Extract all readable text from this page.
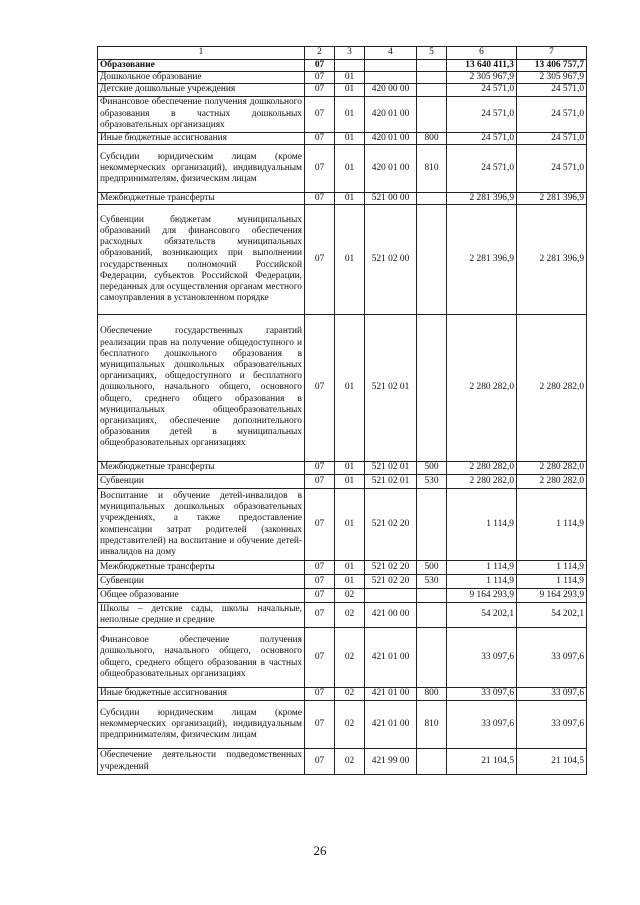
1	2	3	4	5	6	7
Образование	07				13 640 411,3	13 406 757,7
Дошкольное образование	07	01			2 305 967,9	2 305 967,9
Детские дошкольные учреждения	07	01	420 00 00		24 571,0	24 571,0
Финансовое обеспечение получения дошкольного образования в частных дошкольных образовательных организациях	07	01	420 01 00		24 571,0	24 571,0
Иные бюджетные ассигнования	07	01	420 01 00	800	24 571,0	24 571,0
Субсидии юридическим лицам (кроме некоммерческих организаций), индивидуальным предпринимателям, физическим лицам	07	01	420 01 00	810	24 571,0	24 571,0
Межбюджетные трансферты	07	01	521 00 00		2 281 396,9	2 281 396,9
Субвенции бюджетам муниципальных образований для финансового обеспечения расходных обязательств муниципальных образований, возникающих при выполнении государственных полномочий Российской Федерации, субъектов Российской Федерации, переданных для осуществления органам местного самоуправления в установленном порядке	07	01	521 02 00		2 281 396,9	2 281 396,9
Обеспечение государственных гарантий реализации прав на получение общедоступного и бесплатного дошкольного образования в муниципальных дошкольных образовательных организациях, общедоступного и бесплатного дошкольного, начального общего, основного общего, среднего общего образования в муниципальных общеобразовательных организациях, обеспечение дополнительного образования детей в муниципальных общеобразовательных организациях	07	01	521 02 01		2 280 282,0	2 280 282,0
Межбюджетные трансферты	07	01	521 02 01	500	2 280 282,0	2 280 282,0
Субвенции	07	01	521 02 01	530	2 280 282,0	2 280 282,0
Воспитание и обучение детей-инвалидов в муниципальных дошкольных образовательных учреждениях, а также предоставление компенсации затрат родителей (законных представителей) на воспитание и обучение детей-инвалидов на дому	07	01	521 02 20		1 114,9	1 114,9
Межбюджетные трансферты	07	01	521 02 20	500	1 114,9	1 114,9
Субвенции	07	01	521 02 20	530	1 114,9	1 114,9
Общее образование	07	02			9 164 293,9	9 164 293,9
Школы – детские сады, школы начальные, неполные средние и средние	07	02	421 00 00		54 202,1	54 202,1
Финансовое обеспечение получения дошкольного, начального общего, основного общего, среднего общего образования в частных общеобразовательных организациях	07	02	421 01 00		33 097,6	33 097,6
Иные бюджетные ассигнования	07	02	421 01 00	800	33 097,6	33 097,6
Субсидии юридическим лицам (кроме некоммерческих организаций), индивидуальным предпринимателям, физическим лицам	07	02	421 01 00	810	33 097,6	33 097,6
Обеспечение деятельности подведомственных учреждений	07	02	421 99 00		21 104,5	21 104,5
26
